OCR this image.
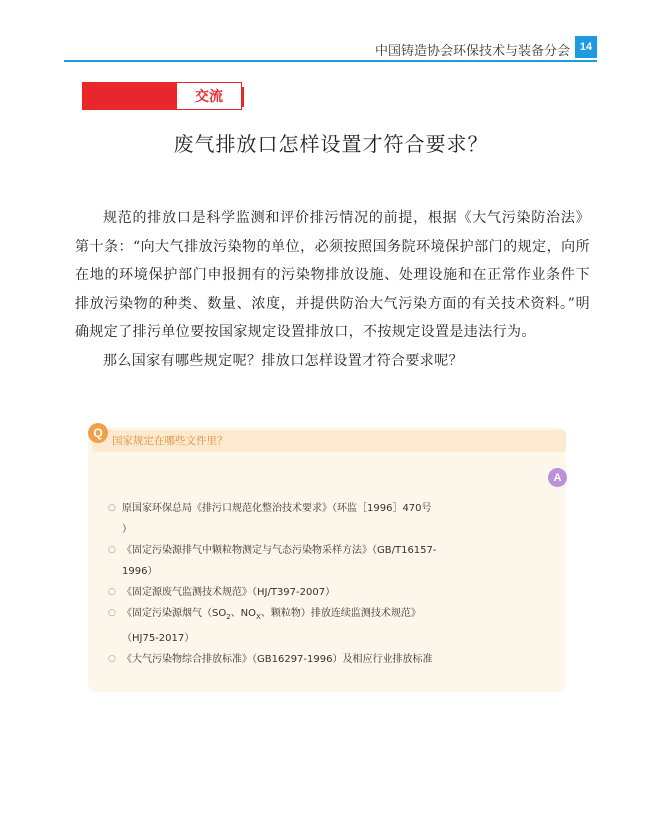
中国铸造协会环保技术与装备分会 14
交流
废气排放口怎样设置才符合要求？

规范的排放口是科学监测和评价排污情况的前提，根据《大气污染防治法》第十条：“向大气排放污染物的单位，必须按照国务院环境保护部门的规定，向所在地的环境保护部门申报拥有的污染物排放设施、处理设施和在正常作业条件下排放污染物的种类、数量、浓度，并提供防治大气污染方面的有关技术资料。”明确规定了排污单位要按国家规定设置排放口，不按规定设置是违法行为。

那么国家有哪些规定呢？排放口怎样设置才符合要求呢？

Q
国家规定在哪些文件里？
A
○ 原国家环保总局《排污口规范化整治技术要求》（环监［1996］470号
）
○ 《固定污染源排气中颗粒物测定与气态污染物采样方法》（GB/T16157-
1996）
○ 《固定源废气监测技术规范》（HJ/T397-2007）
○ 《固定污染源烟气（$SO_2$、$NO_X$、颗粒物）排放连续监测技术规范》
（HJ75-2017）
○ 《大气污染物综合排放标准》（GB16297-1996）及相应行业排放标准
